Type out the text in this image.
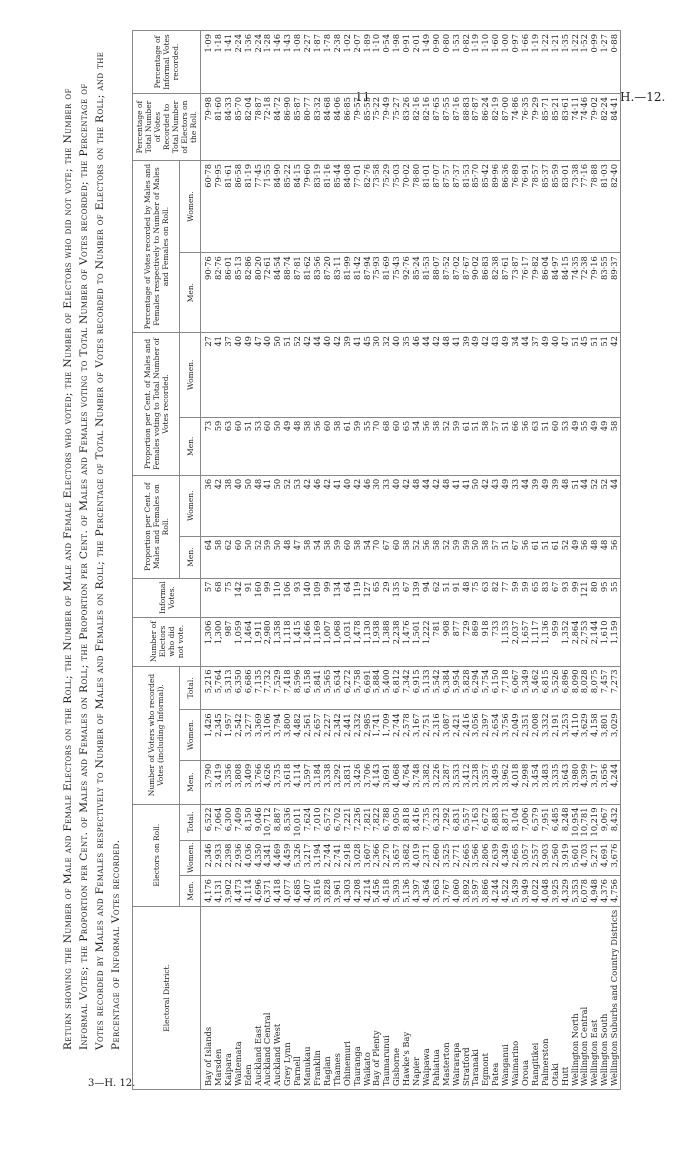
11	H.—12.
3—H. 12.
Return showing the Number of Male and Female Electors on the Roll; the Number of Male and Female Electors who voted; the Number of Electors who did not vote; the Number of Informal Votes; the Proportion per Cent. of Males and Females on Roll; the Proportion per Cent. of Males and Females voting to Total Number of Votes recorded; the Percentage of Votes recorded by Males and Females respectively to Number of Males and Females on Roll; the Percentage of Total Number of Votes recorded to Number of Electors on the Roll; and the Percentage of Informal Votes recorded.	Electoral District.	Electors on Roll.			Number of Voters who recorded Votes (including Informal).			Number of Electors who did not vote.	Informal Votes.	Proportion per Cent. of Males and Females on Roll.		Proportion per Cent. of Males and Females voting to Total Number of Votes recorded.		Percentage of Votes recorded by Males and Females respectively to Number of Males and Females on Roll.		Percentage of Total Number of Votes Recorded to Total Number of Electors on the Roll.	Percentage of Informal Votes recorded.
	Men.	Women.	Total.	Men.	Women.	Total.			Men.	Women.	Men.	Women.	Men.	Women.		
Bay of Islands	4,176	2,346	6,522	3,790	1,426	5,216	1,306	57	64	36	73	27	90·76	60·78	79·98	1·09
Marsden	4,131	2,933	7,064	3,419	2,345	5,764	1,300	68	58	42	59	41	82·76	79·95	81·60	1·18
Kaipara	3,902	2,398	6,300	3,356	1,957	5,313	987	75	62	38	63	37	86·01	81·61	84·33	1·41
Waitemata	4,473	2,936	7,409	3,808	2,542	6,350	1,059	142	60	40	60	40	85·13	86·58	85·70	2·24
Eden	4,114	4,036	8,150	3,409	3,277	6,686	1,464	91	50	50	51	49	82·86	81·19	82·04	1·36
Auckland East	4,696	4,350	9,046	3,766	3,369	7,135	1,911	160	52	48	53	47	80·20	77·45	78·87	2·24
Auckland Central	6,371	4,341	10,712	4,626	3,106	7,732	2,980	99	59	41	60	40	72·61	71·55	72·18	1·28
Auckland West	4,418	4,469	8,887	3,735	3,794	7,529	1,358	110	50	50	50	50	84·54	84·90	84·72	1·46
Grey Lynn	4,077	4,459	8,536	3,618	3,800	7,418	1,118	106	48	52	49	51	88·74	85·22	86·90	1·43
Parnell	4,685	5,326	10,011	4,114	4,482	8,596	1,415	93	47	53	48	52	87·81	84·15	85·87	1·08
Manukau	4,407	3,217	7,624	3,597	2,561	6,158	1,466	140	58	42	58	42	81·62	79·60	80·77	2·27
Franklin	3,816	3,194	7,010	3,184	2,657	5,841	1,169	109	54	46	56	44	83·56	83·19	83·32	1·87
Raglan	3,828	2,744	6,572	3,338	2,227	5,565	1,007	99	58	42	60	40	87·20	81·16	84·68	1·78
Thames	3,961	2,741	6,702	3,292	2,342	5,634	1,068	134	59	41	58	42	83·11	85·44	84·06	2·38
Ohinemuri	4,303	2,918	7,221	3,831	2,441	6,272	1,031	64	60	40	61	39	81·99	84·08	86·85	1·02
Tauranga	4,208	3,028	7,236	3,426	2,332	5,758	1,478	119	58	42	59	41	81·42	77·01	79·57	2·07
Waikato	4,214	3,607	7,821	3,706	2,985	6,691	1,130	127	54	46	55	45	87·94	82·76	85·55	1·89
Bay of Plenty	5,456	2,366	7,822	4,143	1,741	5,884	1,938	65	70	30	70	30	75·93	73·58	75·22	1·10
Taumarunui	4,518	2,270	6,788	3,691	1,709	5,400	1,388	29	67	33	68	32	81·69	75·29	79·49	0·54
Gisborne	5,393	3,657	9,050	4,068	2,744	6,812	2,238	135	60	40	60	40	75·43	75·03	75·27	1·98
Hawke's Bay	5,136	3,682	8,818	4,764	2,578	7,342	1,476	67	58	42	65	35	92·76	70·02	83·26	0·91
Napier	4,397	4,019	8,416	3,748	3,167	6,915	1,501	139	52	48	54	46	85·24	78·80	82·16	2·01
Waipawa	4,364	2,371	7,735	3,382	2,751	5,133	1,222	94	56	44	56	44	81·53	81·01	82·16	1·49
Pahiatua	3,663	2,660	6,323	3,226	2,316	5,542	781	62	58	42	58	42	88·07	87·07	87·65	0·90
Masterton	3,767	3,525	7,292	3,287	3,087	6,384	908	51	52	48	52	48	87·52	87·57	87·55	0·80
Wairarapa	4,060	2,771	6,831	3,533	2,421	5,954	877	91	59	41	59	41	87·02	87·37	87·16	1·53
Stratford	3,892	2,665	6,557	3,412	2,416	5,828	729	48	59	41	61	39	87·67	81·53	88·83	0·82
Taranaki	3,597	3,566	7,163	3,238	3,056	6,294	869	75	50	50	51	49	90·02	85·70	87·87	1·19
Egmont	3,866	2,806	6,672	3,357	2,397	5,754	918	63	58	42	58	42	86·83	85·42	86·24	1·10
Patea	4,244	2,639	6,883	3,495	2,654	6,150	733	82	57	43	57	43	82·38	89·96	82·19	1·60
Wanganui	4,522	4,349	8,871	3,962	3,756	7,718	1,153	77	51	49	51	49	87·61	86·36	87·00	1·00
Waimarino	5,439	2,665	8,104	4,018	2,049	6,067	2,037	59	67	33	66	34	73·87	76·89	74·86	0·97
Oroua	3,949	3,057	7,006	2,998	2,351	5,349	1,657	59	56	44	56	44	76·17	76·91	76·35	1·66
Rangitikei	4,022	2,557	6,579	3,454	2,008	5,462	1,117	65	61	39	63	37	79·82	78·57	79·29	1·19
Palmerston	4,048	3,903	7,951	3,483	3,332	6,815	1,136	83	51	49	51	49	86·04	85·37	85·71	1·22
Otaki	3,925	2,560	6,485	3,335	2,191	5,526	959	67	61	39	60	40	84·97	85·59	85·21	1·21
Hutt	4,329	3,919	8,248	3,643	3,253	6,896	1,352	93	52	48	53	47	84·15	83·01	83·61	1·35
Wellington North	5,353	5,601	10,954	3,980	4,110	8,090	2,864	99	49	51	49	51	74·35	73·38	74·11	1·22
Wellington Central	6,078	4,703	10,781	4,399	3,629	8,028	2,753	121	56	44	55	45	72·38	77·16	74·46	1·52
Wellington East	4,948	5,271	10,219	3,917	4,158	8,075	2,144	80	48	52	49	51	79·16	78·88	79·02	0·99
Wellington South	4,376	4,691	9,067	3,656	3,801	7,457	1,610	95	48	52	49	51	83·55	81·03	82·24	1·27
Wellington Suburbs and Country Districts	4,756	3,676	8,432	4,244	3,029	7,273	1,159	55	56	44	58	42	89·37	82·40	84·41	0·88
